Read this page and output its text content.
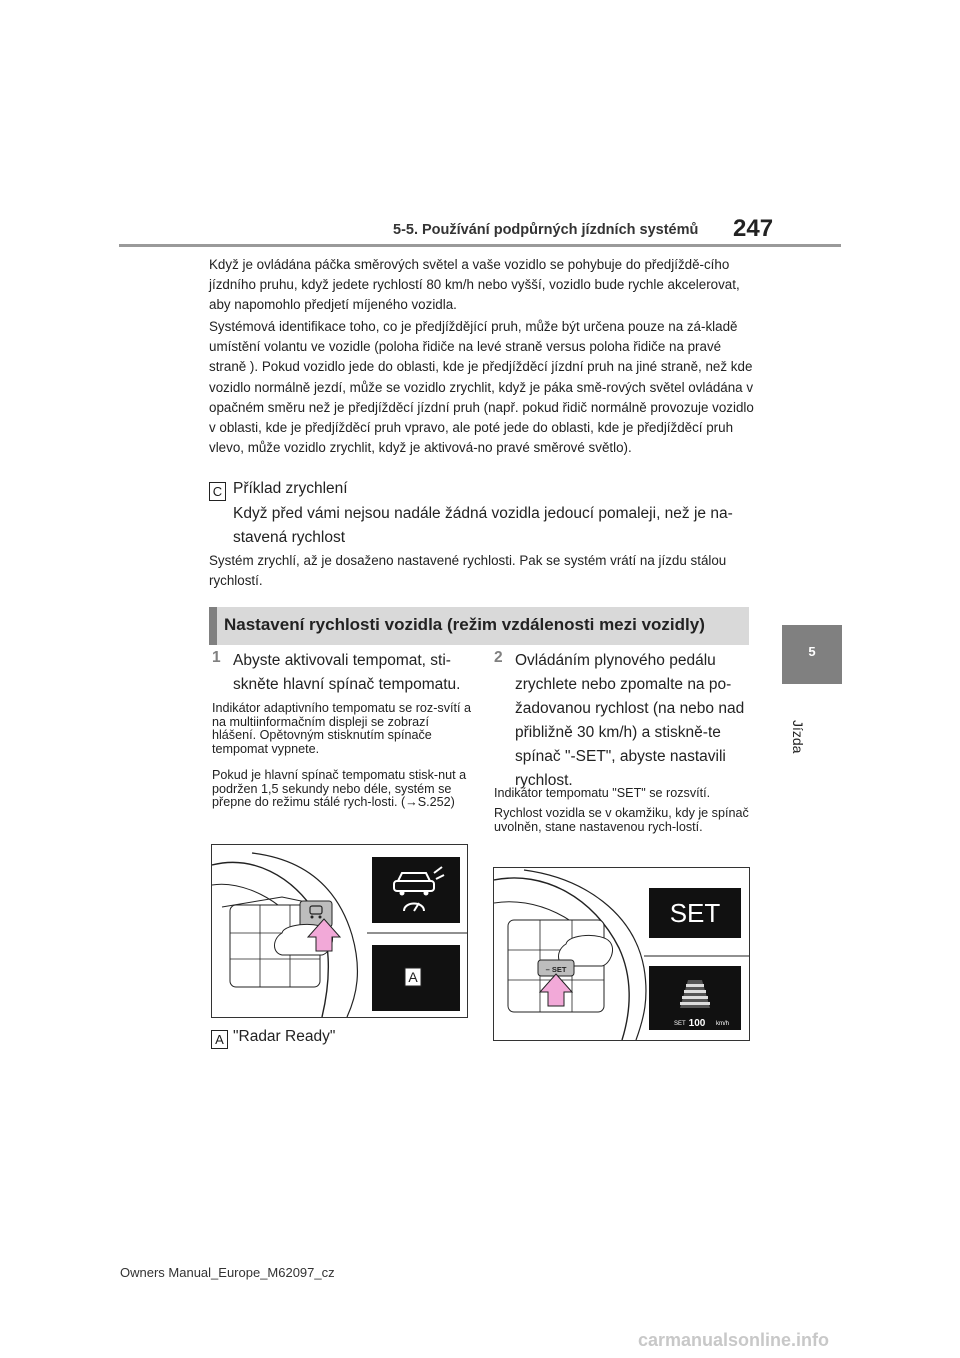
5-5. Používání podpůrných jízdních systémů 247
5
Jízda
Když je ovládána páčka směrových světel a vaše vozidlo se pohybuje do předjíždě-cího jízdního pruhu, když jedete rychlostí 80 km/h nebo vyšší, vozidlo bude rychle akcelerovat, aby napomohlo předjetí míjeného vozidla.
Systémová identifikace toho, co je předjíždějící pruh, může být určena pouze na zá-kladě umístění volantu ve vozidle (poloha řidiče na levé straně versus poloha řidiče na pravé straně ). Pokud vozidlo jede do oblasti, kde je předjížděcí jízdní pruh na jiné straně, než kde vozidlo normálně jezdí, může se vozidlo zrychlit, když je páka smě-rových světel ovládána v opačném směru než je předjížděcí jízdní pruh (např. pokud řidič normálně provozuje vozidlo v oblasti, kde je předjížděcí pruh vpravo, ale poté jede do oblasti, kde je předjížděcí pruh vlevo, může vozidlo zrychlit, když je aktivová-no pravé směrové světlo).
C Příklad zrychlení
Když před vámi nejsou nadále žádná vozidla jedoucí pomaleji, než je na-stavená rychlost
Systém zrychlí, až je dosaženo nastavené rychlosti. Pak se systém vrátí na jízdu stálou rychlostí.
Nastavení rychlosti vozidla (režim vzdálenosti mezi vozidly)
1 Abyste aktivovali tempomat, sti-skněte hlavní spínač tempomatu.
Indikátor adaptivního tempomatu se roz-svítí a na multiinformačním displeji se zobrazí hlášení. Opětovným stisknutím spínače tempomat vypnete.
Pokud je hlavní spínač tempomatu stisk-nut a podržen 1,5 sekundy nebo déle, systém se přepne do režimu stálé rych-losti. (→S.252)
2 Ovládáním plynového pedálu zrychlete nebo zpomalte na po-žadovanou rychlost (na nebo nad přibližně 30 km/h) a stiskně-te spínač "-SET", abyste nastavili rychlost.
Indikátor tempomatu "SET" se rozsvítí.
Rychlost vozidla se v okamžiku, kdy je spínač uvolněn, stane nastavenou rych-lostí.
A
A "Radar Ready"
– SET
SET
SET 100 km/h
Owners Manual_Europe_M62097_cz
carmanualsonline.info
